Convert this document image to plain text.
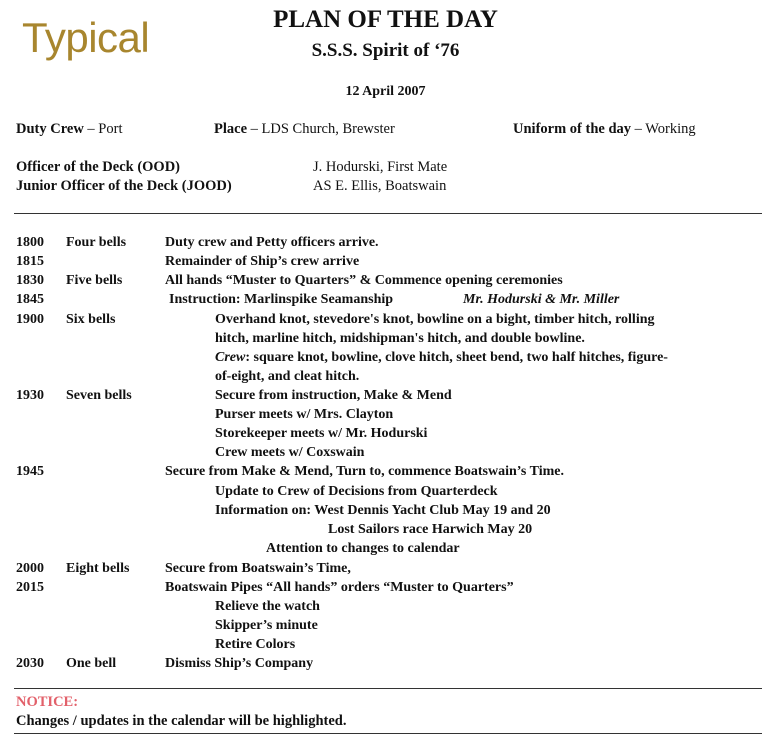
Typical	PLAN OF THE DAY
S.S.S. Spirit of ‘76
12 April 2007
Duty Crew – Port	Place – LDS Church, Brewster	Uniform of the day – Working
Officer of the Deck (OOD)	J. Hodurski, First Mate
Junior Officer of the Deck (JOOD)	AS E. Ellis, Boatswain
1800 Four bells	Duty crew and Petty officers arrive.
1815	Remainder of Ship’s crew arrive
1830 Five bells	All hands “Muster to Quarters” & Commence opening ceremonies
1845	Instruction: Marlinspike Seamanship	Mr. Hodurski & Mr. Miller
1900 Six bells	Overhand knot, stevedore's knot, bowline on a bight, timber hitch, rolling
hitch, marline hitch, midshipman's hitch, and double bowline.
Crew: square knot, bowline, clove hitch, sheet bend, two half hitches, figure-
of-eight, and cleat hitch.
1930 Seven bells	Secure from instruction, Make & Mend
Purser meets w/ Mrs. Clayton
Storekeeper meets w/ Mr. Hodurski
Crew meets w/ Coxswain
1945	Secure from Make & Mend, Turn to, commence Boatswain’s Time.
Update to Crew of Decisions from Quarterdeck
Information on: West Dennis Yacht Club May 19 and 20
Lost Sailors race Harwich May 20
Attention to changes to calendar
2000 Eight bells	Secure from Boatswain’s Time,
2015	Boatswain Pipes “All hands” orders “Muster to Quarters”
Relieve the watch
Skipper’s minute
Retire Colors
2030 One bell	Dismiss Ship’s Company
NOTICE:
Changes / updates in the calendar will be highlighted.
